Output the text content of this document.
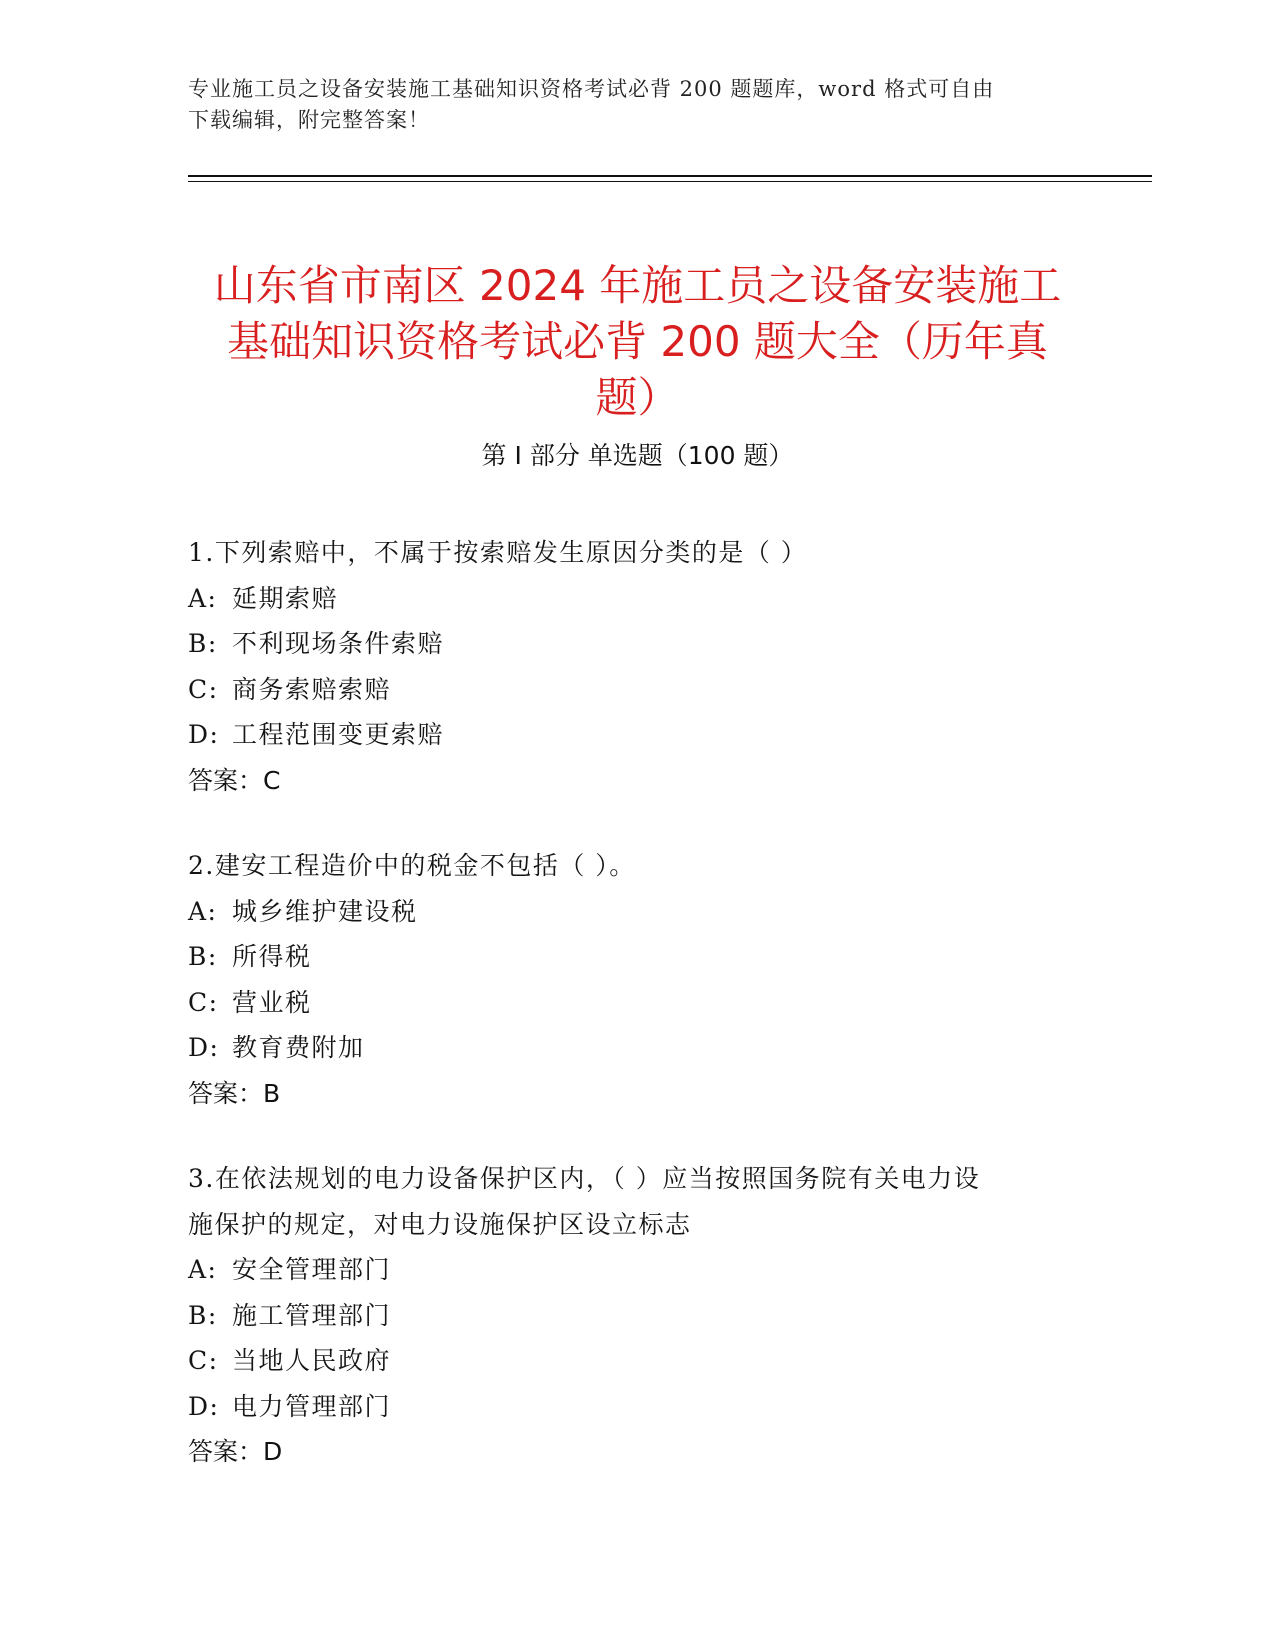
专业施工员之设备安装施工基础知识资格考试必背 200 题题库，word 格式可自由

下载编辑，附完整答案！

山东省市南区 2024 年施工员之设备安装施工
基础知识资格考试必背 200 题大全（历年真
题）
第 I 部分 单选题（100 题）

1.下列索赔中，不属于按索赔发生原因分类的是（ ）

A: 延期索赔

B: 不利现场条件索赔

C: 商务索赔索赔

D: 工程范围变更索赔

答案：C

2.建安工程造价中的税金不包括（ ）。

A: 城乡维护建设税

B: 所得税

C: 营业税

D: 教育费附加

答案：B

3.在依法规划的电力设备保护区内，（ ）应当按照国务院有关电力设

施保护的规定，对电力设施保护区设立标志

A: 安全管理部门

B: 施工管理部门

C: 当地人民政府

D: 电力管理部门

答案：D
